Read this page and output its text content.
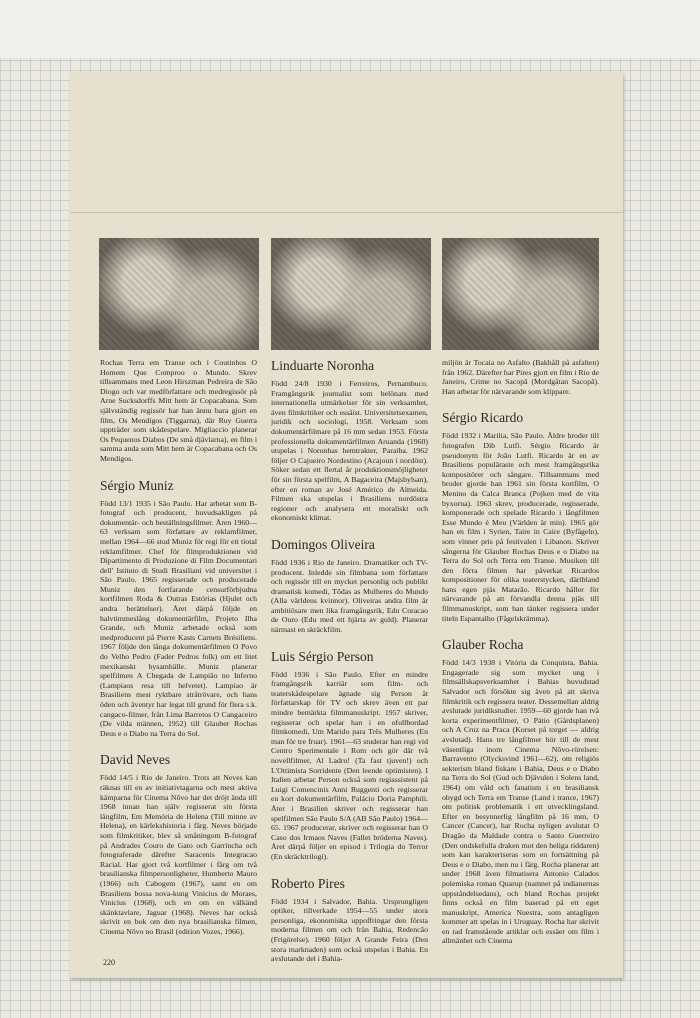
Rochas Terra em Transe och i Coutinhos O Homem Que Comprou o Mundo. Skrev tillsammans med Leon Hirszman Pedreira de São Diogo och var medförfattare och medregissör på Arne Sucksdorffs Mitt hem är Copacabana. Som självständig regissör har han ännu bara gjort en film, Os Mendigos (Tiggarna), där Ruy Guerra uppträder som skådespelare. Migliaccio planerar Os Pequenos Diabos (De små djävlarna), en film i samma anda som Mitt hem är Copacabana och Os Mendigos.

Sérgio Muniz

Född 13/1 1935 i São Paulo. Har arbetat som B-fotograf och producent, huvudsakligen på dokumentär- och beställningsfilmer. Åren 1960—63 verksam som författare av reklamfilmer, mellan 1964—66 stud Muniz för regi för ett tiotal reklamfilmer. Chef för filmproduktionen vid Dipartimento di Produzione di Film Documentari dell' Istituto di Studi Brasiliani vid universitet i São Paulo. 1965 regisserade och producerade Muniz den fortfarande censurförbjudna kortfilmen Roda & Outras Estórias (Hjulet och andra berättelser). Året därpå följde en halvtimmeslång dokumentärfilm, Projeto Ilha Grande, och Muniz arbetade också som medproducent på Pierre Kasts Carnets Brésiliens. 1967 följde den långa dokumentärfilmen O Povo do Velho Pedro (Fader Pedros folk) om ett litet mexikanskt bysamhälle. Muniz planerar spelfilmen A Chegada de Lampião no Inferno (Lampiaos resa till helvetet). Lampiao är Brasiliens mest ryktbare stråtrövare, och hans öden och äventyr har legat till grund för flera s.k. cangaco-filmer, från Lima Barretos O Cangaceiro (De vilda männen, 1952) till Glauber Rochas Deus e o Diabo na Terra do Sol.

David Neves

Född 14/5 i Rio de Janeiro. Trots att Neves kan räknas till en av initiativtagarna och mest aktiva kämparna för Cinema Nôvo har det dröjt ända till 1968 innan han själv regisserat sin första långfilm, Em Memória de Helena (Till minne av Helena), en kärlekshistoria i färg. Neves började som filmkritiker, blev så småningom B-fotograf på Andrades Couro de Gato och Garrincha och fotograferade därefter Saracenis Integracao Racial. Har gjort två kortfilmer i färg om två brasilianska filmpersonligheter, Humberto Mauro (1966) och Cabogem (1967), samt en om Brasiliens bossa nova-kung Vinicius de Moraes, Vinicius (1968), och en om en välkänd skänktavlare, Jaguar (1968). Neves har också skrivit en bok om den nya brasilianska filmen, Cinema Nôvo no Brasil (edition Vozes, 1966).

Linduarte Noronha

Född 24/8 1930 i Ferreiros, Pernambuco. Framgångsrik journalist som belönats med internationella utmärkelser för sin verksamhet, även filmkritiker och essäist. Universitetsexamen, juridik och sociologi, 1958. Verksam som dokumentärfilmare på 16 mm sedan 1953. Första professionella dokumentärfilmen Aruanda (1960) utspelas i Noronhas hemtrakter, Paraiba. 1962 följer O Cajueiro Nordestino (Acajoun i nordöst). Söker sedan ett flertal år produktionsmöjligheter för sin första spelfilm, A Bagaceira (Majsbylsan), efter en roman av José Américo de Almeida. Filmen ska utspelas i Brasiliens nordöstra regioner och analysera ett moraliskt och ekonomiskt klimat.

Domingos Oliveira

Född 1936 i Rio de Janeiro. Dramatiker och TV-producent. Inledde sin filmbana som författare och regissör till en mycket personlig och publikt dramatisk komedi, Tôdas as Mulheres do Mundo (Alla världens kvinnor). Oliveiras andra film är ambitiösare men lika framgångsrik, Edu Coracao de Ouro (Edu med ett hjärta av guld). Planerar närmast en skräckfilm.

Luis Sérgio Person

Född 1936 i São Paulo. Efter en mindre framgångsrik karriär som film- och teaterskådespelare ägnade sig Person åt författarskap för TV och skrev även ett par mindre bemärkta filmmanuskript. 1957 skriver, regisserar och spelar han i en ofullbordad filmkomedi, Um Marido para Três Mulheres (En man för tre fruar). 1961—63 studerar han regi vid Centro Sperimentale i Rom och gör där två novellfilmer, Al Ladro! (Ta fast tjuven!) och L'Ottimista Sorridente (Den leende optimisten). I Italien arbetar Person också som regiassistent på Luigi Comencinis Anni Ruggenti och regisserar en kort dokumentärfilm, Palácio Doria Pamphili. Åter i Brasilien skriver och regisserar han spelfilmen São Paulo S/A (AB São Paulo) 1964—65. 1967 producerar, skriver och regisserar han O Caso dos Irmaos Naves (Fallet bröderna Naves). Året därpå följer en episod i Trilogia do Terror (En skräcktrilogi).

Roberto Pires

Född 1934 i Salvador, Bahia. Ursprungligen optiker, tillverkade 1954—55 under stora personliga, ekonomiska uppoffringar den första moderna filmen om och från Bahia, Redencão (Frigörelse). 1960 följer A Grande Feira (Den stora marknaden) som också utspelas i Bahia. En avslutande del i Bahia-

miljön är Tocaia no Asfalto (Bakhåll på asfalten) från 1962. Därefter har Pires gjort en film i Rio de Janeiro, Crime no Sacopã (Mordgåtan Sacopã). Han arbetar för närvarande som klippare.

Sérgio Ricardo

Född 1932 i Marilia, São Paulo. Äldre broder till fotografen Dib Lutfi. Sérgio Ricardo är pseudonym för João Lutfi. Ricardo är en av Brasiliens populäraste och mest framgångsrika kompositörer och sångare. Tillsammans med broder gjorde han 1961 sin första kortfilm, O Menino da Calca Branca (Pojken med de vita byxorna). 1963 skrev, producerade, regisserade, komponerade och spelade Ricardo i långfilmen Esse Mundo é Meu (Världen är min). 1965 gör han en film i Syrien, Taire in Caire (Byfågeln), som vinner pris på festivalen i Libanon. Skriver sångerna för Glauber Rochas Deus e o Diabo na Terra do Sol och Terra em Transe. Musiken till den förra filmen har påverkat Ricardos kompositioner för olika teaterstycken, däribland hans egen pjäs Matarão. Ricardo håller för närvarande på att förvandla denna pjäs till filmmanuskript, som han tänker regissera under titeln Espantalho (Fågelskrämma).

Glauber Rocha

Född 14/3 1938 i Vitória da Conquista, Bahia. Engagerade sig som mycket ung i filmsällskapsverksamhet i Bahias huvudstad Salvador och försökte sig även på att skriva filmkritik och regissera teater. Dessemellan aldrig avslutade juridikstudier. 1959—60 gjorde han två korta experimentfilmer, O Pátio (Gårdsplanen) och A Cruz na Praca (Korset på torget — aldrig avslutad). Hans tre långfilmer hör till de mest väsentliga inom Cinema Nôvo-rörelsen: Barravento (Olycksvind 1961—62), om religiös sekterism bland fiskare i Bahia, Deus e o Diabo na Terra do Sol (Gud och Djävulen i Solens land, 1964) om våld och fanatism i en brasiliansk obygd och Terra em Transe (Land i trance, 1967) om politisk problematik i ett utvecklingsland. Efter en besynnerlig långfilm på 16 mm, O Cancer (Cancer), har Rocha nyligen avslutat O Dragão da Maldade contra o Santo Guerreiro (Den ondskefulla draken mot den heliga riddaren) som kan karakteriseras som en fortsättning på Deus e o Diabo, men nu i färg. Rocha planerar att under 1968 även filmatisera Antonio Calados polemiska roman Quarup (namnet på indianernas uppståndelsedans), och bland Rochas projekt finns också en film baserad på ett eget manuskript, America Nuestra, som antagligen kommer att spelas in i Uruguay. Rocha har skrivit en rad framstående artiklar och essäer om film i allmänhet och Cinema

220
